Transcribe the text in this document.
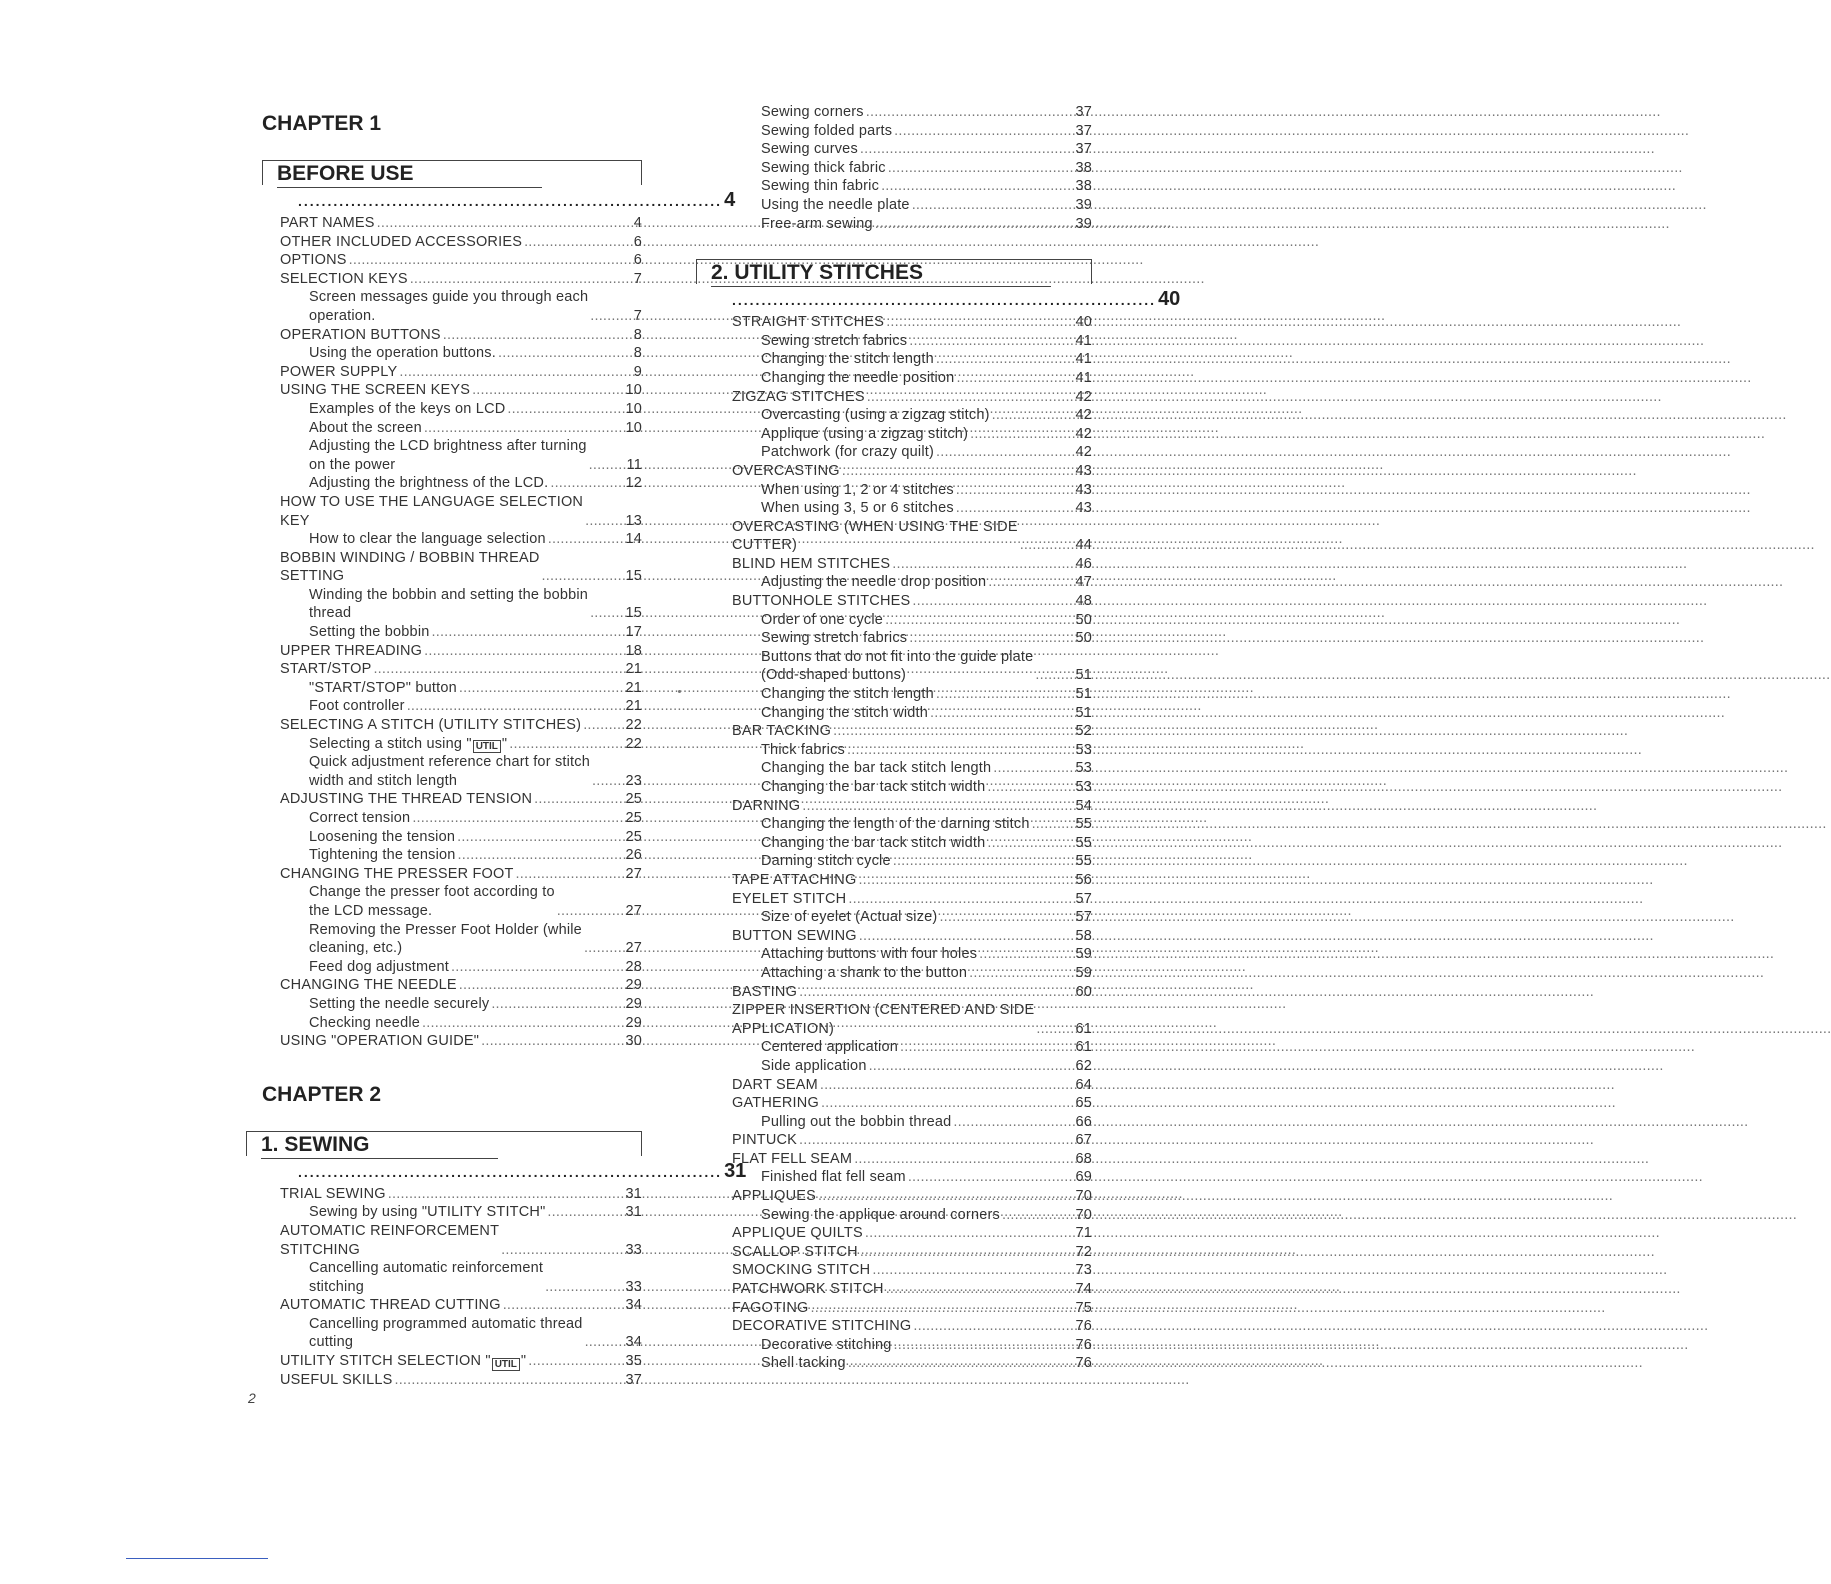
CHAPTER 1
BEFORE USE
........................................................................ 4
PART NAMES .....	4
OTHER INCLUDED ACCESSORIES .....	6
OPTIONS .....	6
SELECTION KEYS .....	7
Screen messages guide you through each
operation. .....	7
OPERATION BUTTONS .....	8
Using the operation buttons. .....	8
POWER SUPPLY .....	9
USING THE SCREEN KEYS .....	10
Examples of the keys on LCD .....	10
About the screen .....	10
Adjusting the LCD brightness after turning
on the power .....	11
Adjusting the brightness of the LCD. .....	12
HOW TO USE THE LANGUAGE SELECTION
KEY .....	13
How to clear the language selection .....	14
BOBBIN WINDING / BOBBIN THREAD
SETTING .....	15
Winding the bobbin and setting the bobbin
thread .....	15
Setting the bobbin .....	17
UPPER THREADING .....	18
START/STOP .....	21
"START/STOP" button .....	21
Foot controller .....	21
SELECTING A STITCH (UTILITY STITCHES) .....	22
Selecting a stitch using " UTIL " .....	22
Quick adjustment reference chart for stitch
width and stitch length .....	23
ADJUSTING THE THREAD TENSION .....	25
Correct tension .....	25
Loosening the tension .....	25
Tightening the tension .....	26
CHANGING THE PRESSER FOOT .....	27
Change the presser foot according to
the LCD message. .....	27
Removing the Presser Foot Holder (while
cleaning, etc.) .....	27
Feed dog adjustment .....	28
CHANGING THE NEEDLE .....	29
Setting the needle securely .....	29
Checking needle .....	29
USING "OPERATION GUIDE" .....	30
CHAPTER 2
1. SEWING
........................................................................ 31
TRIAL SEWING .....	31
Sewing by using "UTILITY STITCH" .....	31
AUTOMATIC REINFORCEMENT
STITCHING .....	33
Cancelling automatic reinforcement
stitching .....	33
AUTOMATIC THREAD CUTTING .....	34
Cancelling programmed automatic thread
cutting .....	34
UTILITY STITCH SELECTION " UTIL " .....	35
USEFUL SKILLS .....	37
Sewing corners .....	37
Sewing folded parts .....	37
Sewing curves .....	37
Sewing thick fabric .....	38
Sewing thin fabric .....	38
Using the needle plate .....	39
Free-arm sewing .....	39
2. UTILITY STITCHES
........................................................................ 40
STRAIGHT STITCHES .....	40
Sewing stretch fabrics .....	41
Changing the stitch length .....	41
Changing the needle position .....	41
ZIGZAG STITCHES .....	42
Overcasting (using a zigzag stitch) .....	42
Applique (using a zigzag stitch) .....	42
Patchwork (for crazy quilt) .....	42
OVERCASTING .....	43
When using 1, 2 or 4 stitches .....	43
When using 3, 5 or 6 stitches .....	43
OVERCASTING (WHEN USING THE SIDE
CUTTER) .....	44
BLIND HEM STITCHES .....	46
Adjusting the needle drop position .....	47
BUTTONHOLE STITCHES .....	48
Order of one cycle .....	50
Sewing stretch fabrics .....	50
Buttons that do not fit into the guide plate
(Odd-shaped buttons) .....	51
Changing the stitch length .....	51
Changing the stitch width .....	51
BAR TACKING .....	52
Thick fabrics .....	53
Changing the bar tack stitch length .....	53
Changing the bar tack stitch width .....	53
DARNING .....	54
Changing the length of the darning stitch .....	55
Changing the bar tack stitch width .....	55
Darning stitch cycle .....	55
TAPE ATTACHING .....	56
EYELET STITCH .....	57
Size of eyelet (Actual size) .....	57
BUTTON SEWING .....	58
Attaching buttons with four holes .....	59
Attaching a shank to the button .....	59
BASTING .....	60
ZIPPER INSERTION (CENTERED AND SIDE
APPLICATION) .....	61
Centered application .....	61
Side application .....	62
DART SEAM .....	64
GATHERING .....	65
Pulling out the bobbin thread .....	66
PINTUCK .....	67
FLAT FELL SEAM .....	68
Finished flat fell seam .....	69
APPLIQUES .....	70
Sewing the applique around corners .....	70
APPLIQUE QUILTS .....	71
SCALLOP STITCH .....	72
SMOCKING STITCH .....	73
PATCHWORK STITCH .....	74
FAGOTING .....	75
DECORATIVE STITCHING .....	76
Decorative stitching .....	76
Shell tacking .....	76
2
